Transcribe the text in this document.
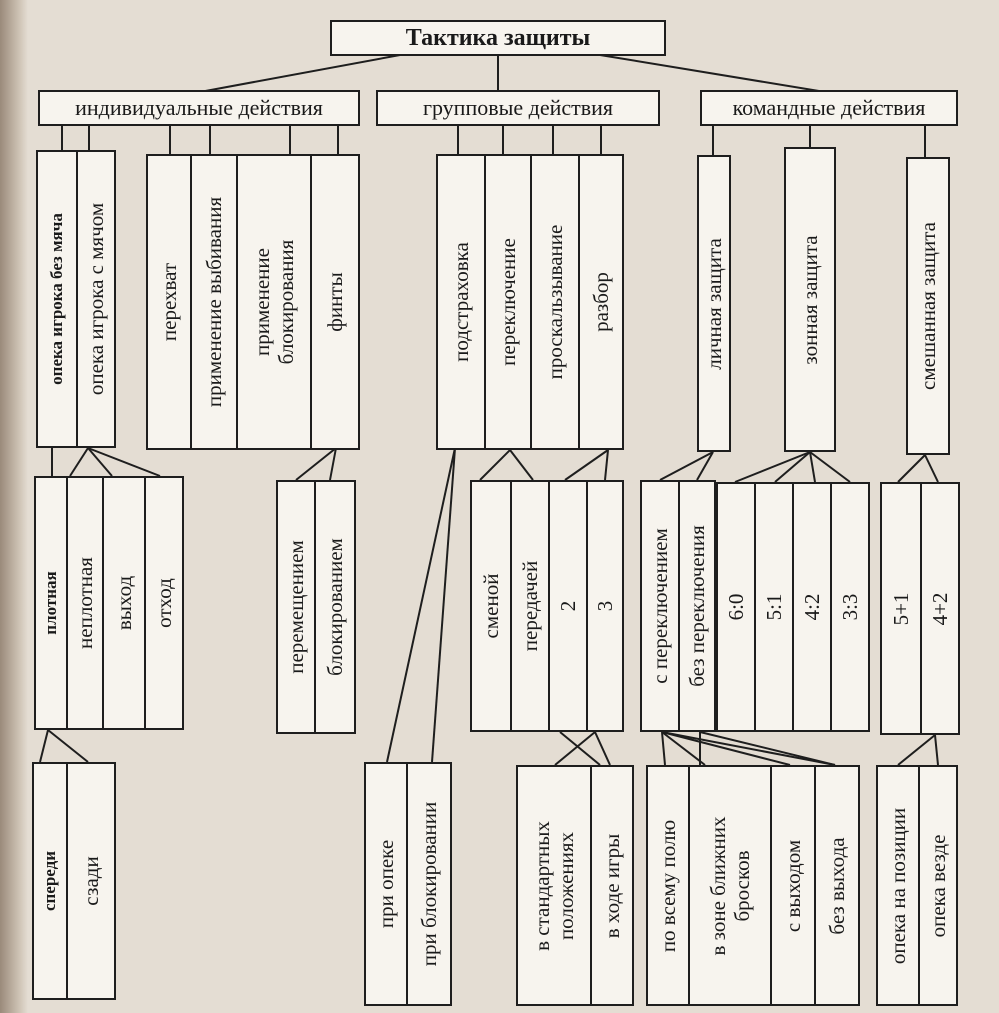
Тактика защиты
индивидуальные действия	групповые действия	командные действия
опека игрока без мяча опека игрока с мячом перехват применение выбивания применение
блокирования финты
плотная неплотная выход отход	перемещением блокированием
спереди сзади
подстраховка переключение проскальзывание разбор
при опеке при блокировании
сменой передачей 2 3
в стандартных
положениях в ходе игры
личная защита	зонная защита	смешанная защита
с переключением без переключения 6:0 5:1 4:2 3:3
по всему полю в зоне ближних
бросков с выходом без выхода
5+1 4+2
опека на позиции опека везде
